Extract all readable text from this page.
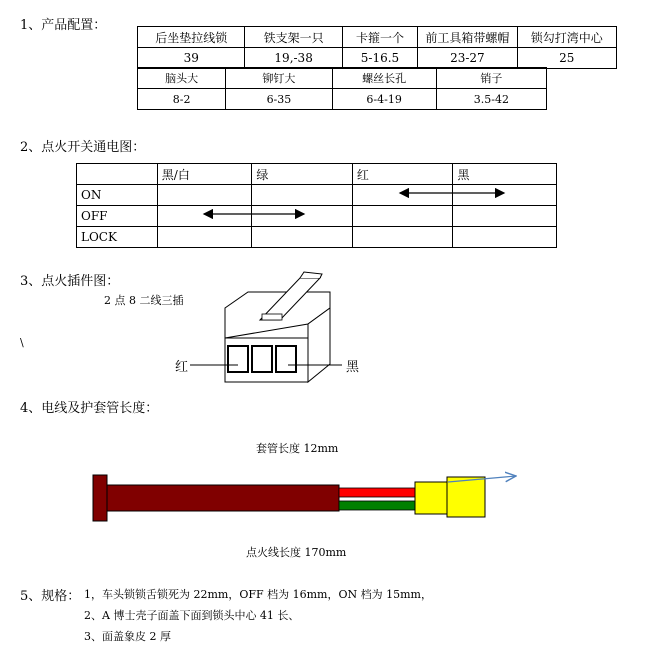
1、产品配置：
后坐垫拉线锁	铁支架一只	卡箍一个	前工具箱带螺帽	锁勾打湾中心
39	19,-38	5-16.5	23-27	25
脑头大	铆钉大	螺丝长孔	销子
8-2	6-35	6-4-19	3.5-42
2、点火开关通电图：
	黑/白	绿	红	黑
ON				
OFF				
LOCK				
3、点火插件图：
2 点 8 二线三插
\
红	黑
4、电线及护套管长度：
套管长度 12mm
点火线长度 170mm
5、规格： 1，车头锁锁舌锁死为 22mm，OFF 档为 16mm，ON 档为 15mm，
2、A 博士壳子面盖下面到锁头中心 41 长、
3、面盖象皮 2 厚
